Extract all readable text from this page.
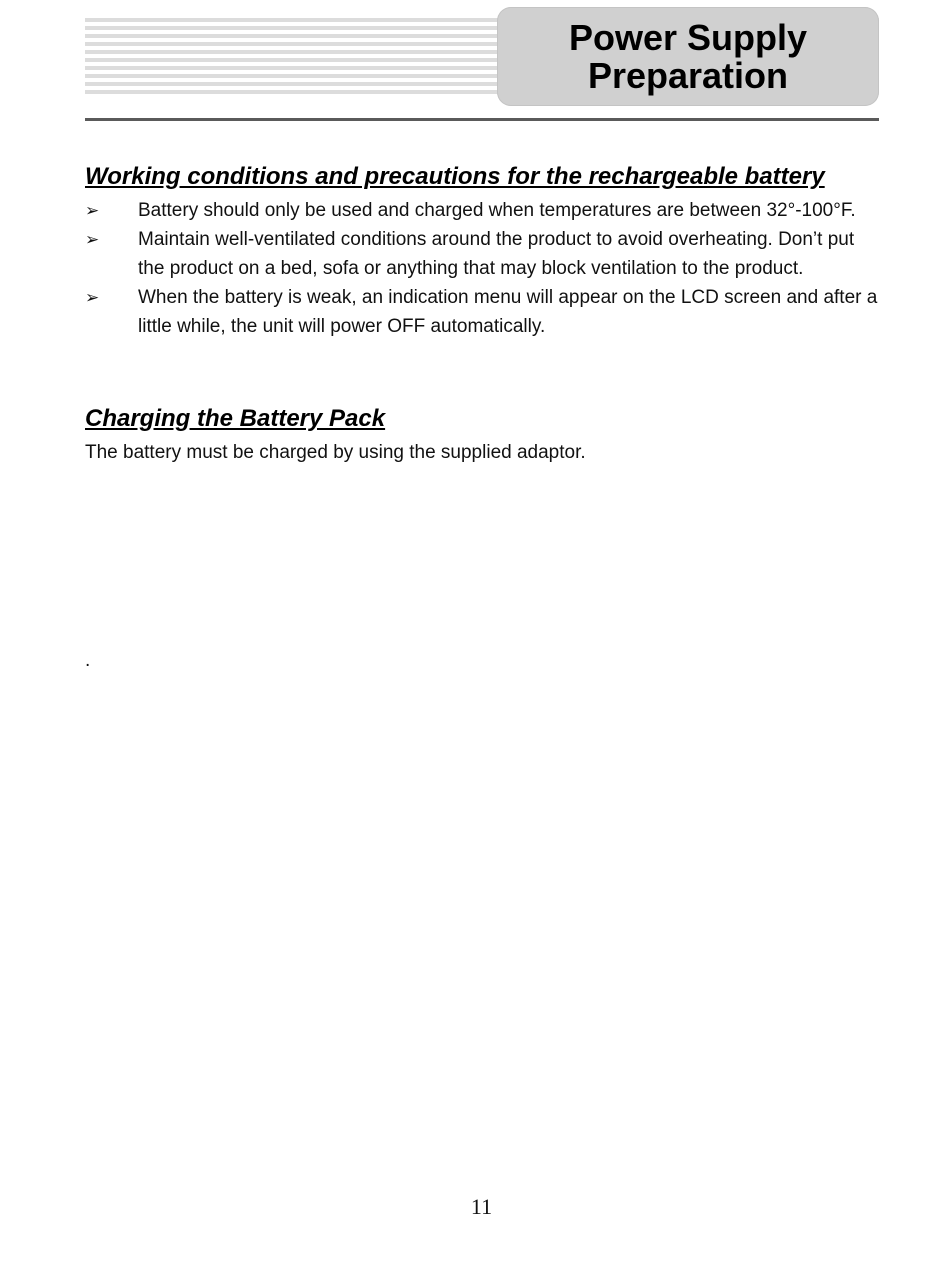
Power Supply
Preparation
Working conditions and precautions for the rechargeable battery
➢	Battery should only be used and charged when temperatures are between 32°-100°F.
➢	Maintain well-ventilated conditions around the product to avoid overheating. Don’t put the product on a bed, sofa or anything that may block ventilation to the product.
➢	When the battery is weak, an indication menu will appear on the LCD screen and after a little while, the unit will power OFF automatically.
Charging the Battery Pack

The battery must be charged by using the supplied adaptor.

.

11
